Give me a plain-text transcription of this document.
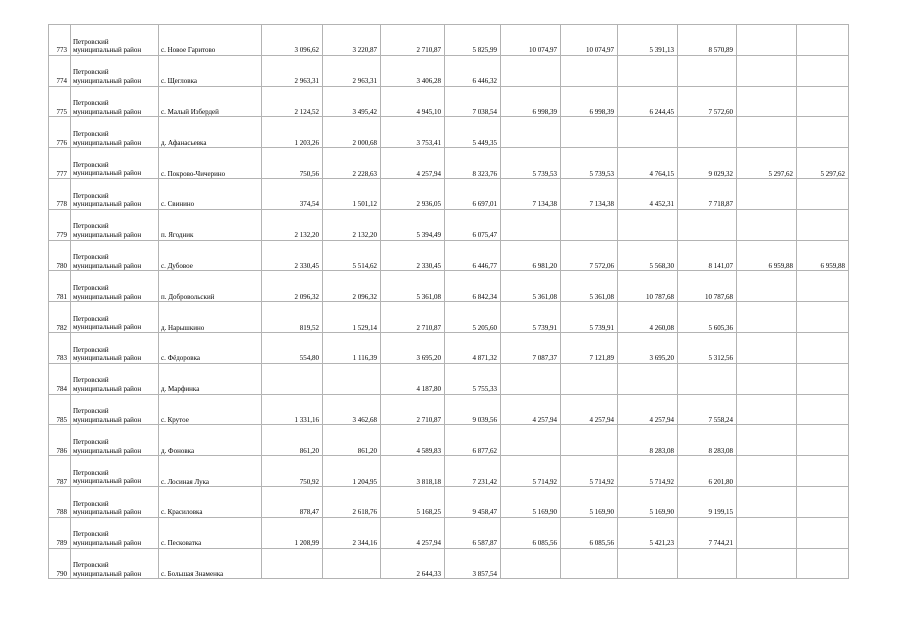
773	Петровский муниципальный район	с. Новое Гаритово	3 096,62	3 220,87	2 710,87	5 825,99	10 074,97	10 074,97	5 391,13	8 570,89		
774	Петровский муниципальный район	с. Щегловка	2 963,31	2 963,31	3 406,28	6 446,32						
775	Петровский муниципальный район	с. Малый Избердей	2 124,52	3 495,42	4 945,10	7 038,54	6 998,39	6 998,39	6 244,45	7 572,60		
776	Петровский муниципальный район	д. Афанасьевка	1 203,26	2 000,68	3 753,41	5 449,35						
777	Петровский муниципальный район	с. Покрово-Чичерино	750,56	2 228,63	4 257,94	8 323,76	5 739,53	5 739,53	4 764,15	9 029,32	5 297,62	5 297,62
778	Петровский муниципальный район	с. Свинино	374,54	1 501,12	2 936,05	6 697,01	7 134,38	7 134,38	4 452,31	7 718,87		
779	Петровский муниципальный район	п. Ягодник	2 132,20	2 132,20	5 394,49	6 075,47						
780	Петровский муниципальный район	с. Дубовое	2 330,45	5 514,62	2 330,45	6 446,77	6 981,20	7 572,06	5 568,30	8 141,07	6 959,88	6 959,88
781	Петровский муниципальный район	п. Добровольский	2 096,32	2 096,32	5 361,08	6 842,34	5 361,08	5 361,08	10 787,68	10 787,68		
782	Петровский муниципальный район	д. Нарышкино	819,52	1 529,14	2 710,87	5 205,60	5 739,91	5 739,91	4 260,08	5 605,36		
783	Петровский муниципальный район	с. Фёдоровка	554,80	1 116,39	3 695,20	4 871,32	7 087,37	7 121,89	3 695,20	5 312,56		
784	Петровский муниципальный район	д. Марфинка			4 187,80	5 755,33						
785	Петровский муниципальный район	с. Крутое	1 331,16	3 462,68	2 710,87	9 039,56	4 257,94	4 257,94	4 257,94	7 558,24		
786	Петровский муниципальный район	д. Фоновка	861,20	861,20	4 589,83	6 877,62			8 283,08	8 283,08		
787	Петровский муниципальный район	с. Лосиная Лука	750,92	1 204,95	3 818,18	7 231,42	5 714,92	5 714,92	5 714,92	6 201,80		
788	Петровский муниципальный район	с. Красиловка	878,47	2 618,76	5 168,25	9 458,47	5 169,90	5 169,90	5 169,90	9 199,15		
789	Петровский муниципальный район	с. Песковатка	1 208,99	2 344,16	4 257,94	6 587,87	6 085,56	6 085,56	5 421,23	7 744,21		
790	Петровский муниципальный район	с. Большая Знаменка			2 644,33	3 857,54						
